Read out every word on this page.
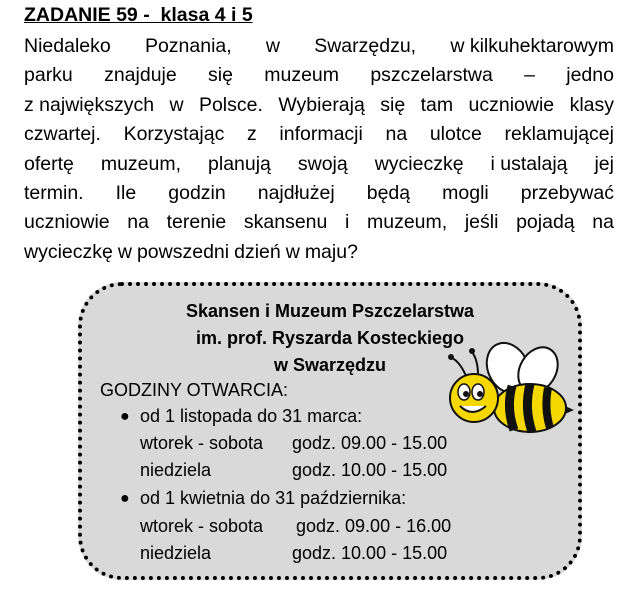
ZADANIE 59 -  klasa 4 i 5
Niedaleko Poznania, w Swarzędzu, w kilkuhektarowym
parku znajduje się muzeum pszczelarstwa – jedno
z największych w Polsce. Wybierają się tam uczniowie klasy
czwartej. Korzystając z informacji na ulotce reklamującej
ofertę muzeum, planują swoją wycieczkę i ustalają jej
termin. Ile godzin najdłużej będą mogli przebywać
uczniowie na terenie skansenu i muzeum, jeśli pojadą na
wycieczkę w powszedni dzień w maju?
Skansen i Muzeum Pszczelarstwa
im. prof. Ryszarda Kosteckiego
w Swarzędzu
GODZINY OTWARCIA:
● od 1 listopada do 31 marca:
wtorek - sobota godz. 09.00 - 15.00
niedziela	godz. 10.00 - 15.00
● od 1 kwietnia do 31 października:
wtorek - sobota godz. 09.00 - 16.00
niedziela	godz. 10.00 - 15.00
